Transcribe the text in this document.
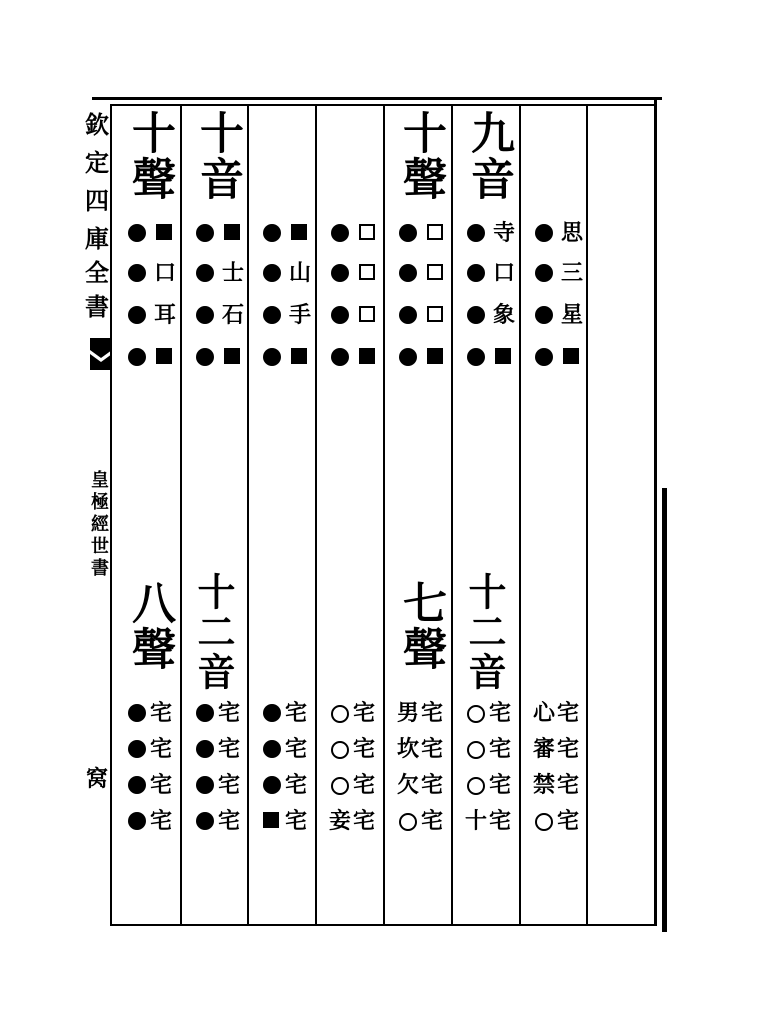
欽
定
四
庫
全
書
皇極經世書
窝
十聲
八聲
口
耳
宅
宅
宅
宅
十音
十二音
士
石
宅
宅
宅
宅
山
手
宅
宅
宅
宅
宅
宅
宅
妾 宅
十聲
七聲
男 宅
坎 宅
欠 宅
宅
九音
十二音
寺
口
象
宅
宅
宅
十 宅
思
三
星
心 宅
審 宅
禁 宅
宅
